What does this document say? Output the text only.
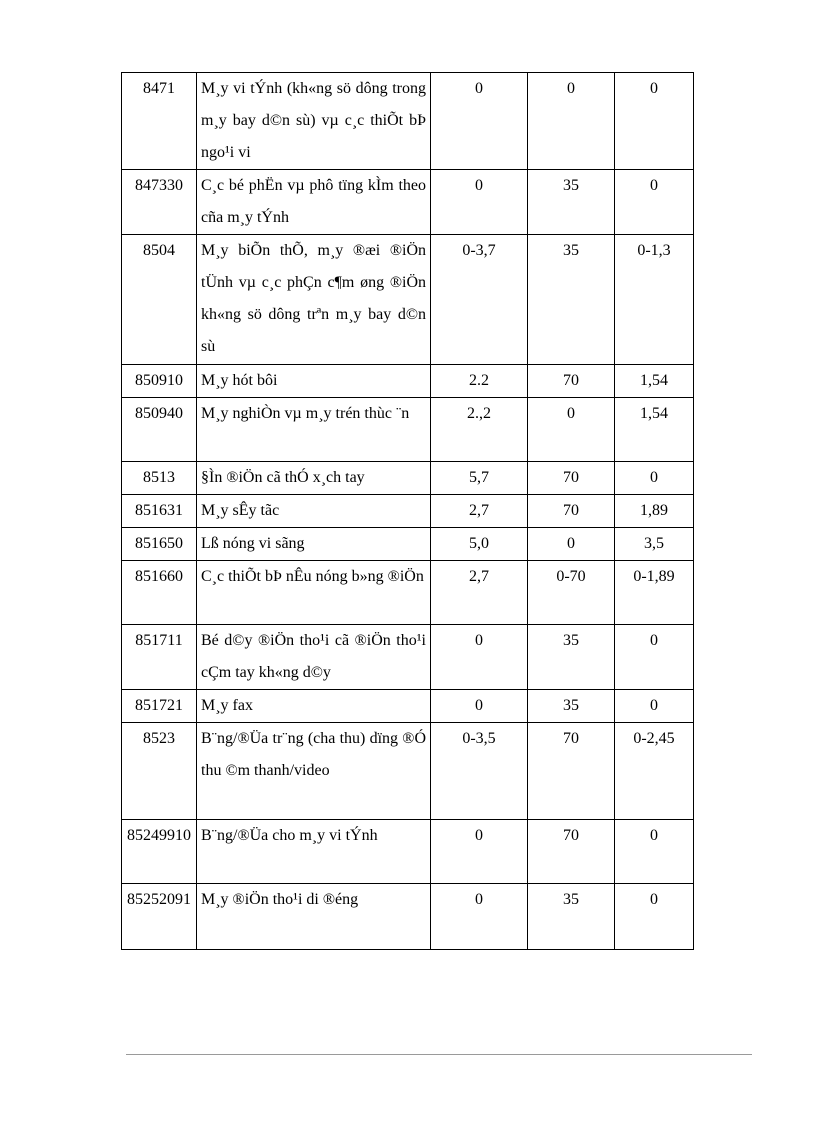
8471	M¸y vi tÝnh (kh«ng sö dông trong m¸y bay d©n sù) vµ c¸c thiÕt bÞ ngo¹i vi	0	0	0
847330	C¸c bé phËn vµ phô tïng kÌm theo cña m¸y tÝnh	0	35	0
8504	M¸y biÕn thÕ, m¸y ®æi ®iÖn tÜnh vµ c¸c phÇn c¶m øng ®iÖn kh«ng sö dông trªn m¸y bay d©n sù	0-3,7	35	0-1,3
850910	M¸y hót bôi	2.2	70	1,54
850940	M¸y nghiÒn vµ m¸y trén thùc ¨n	2.,2	0	1,54
8513	§Ìn ®iÖn cã thÓ x¸ch tay	5,7	70	0
851631	M¸y sÊy tãc	2,7	70	1,89
851650	Lß nóng vi sãng	5,0	0	3,5
851660	C¸c thiÕt bÞ nÊu nóng b»ng ®iÖn	2,7	0-70	0-1,89
851711	Bé d©y ®iÖn tho¹i cã ®iÖn tho¹i cÇm tay kh«ng d©y	0	35	0
851721	M¸y fax	0	35	0
8523	B¨ng/®Üa tr¨ng (cha thu) dïng ®Ó thu ©m thanh/video	0-3,5	70	0-2,45
85249910	B¨ng/®Üa cho m¸y vi tÝnh	0	70	0
85252091	M¸y ®iÖn tho¹i di ®éng	0	35	0
